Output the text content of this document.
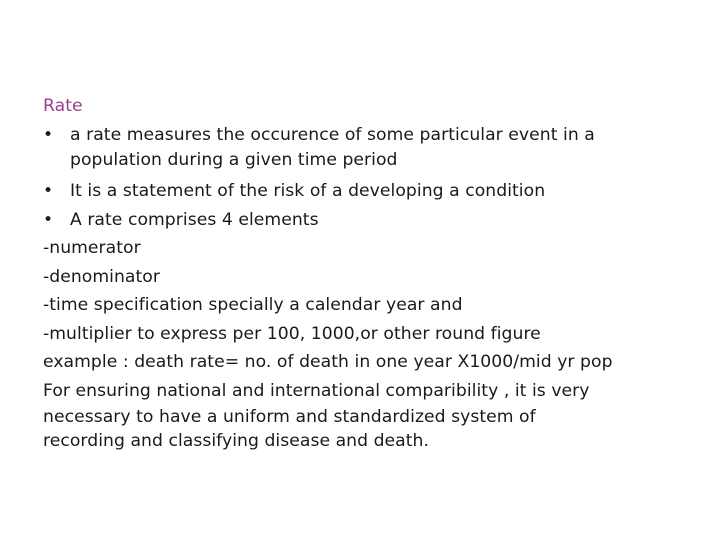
Rate
• a rate measures the occurence of some particular event in a
population during a given time period
• It is a statement of the risk of a developing a condition
• A rate comprises 4 elements
-numerator
-denominator
-time specification specially a calendar year and
-multiplier to express per 100, 1000,or other round figure
example : death rate= no. of death in one year X1000/mid yr pop
For ensuring national and international comparibility , it is very
necessary to have a uniform and standardized system of
recording and classifying disease and death.
